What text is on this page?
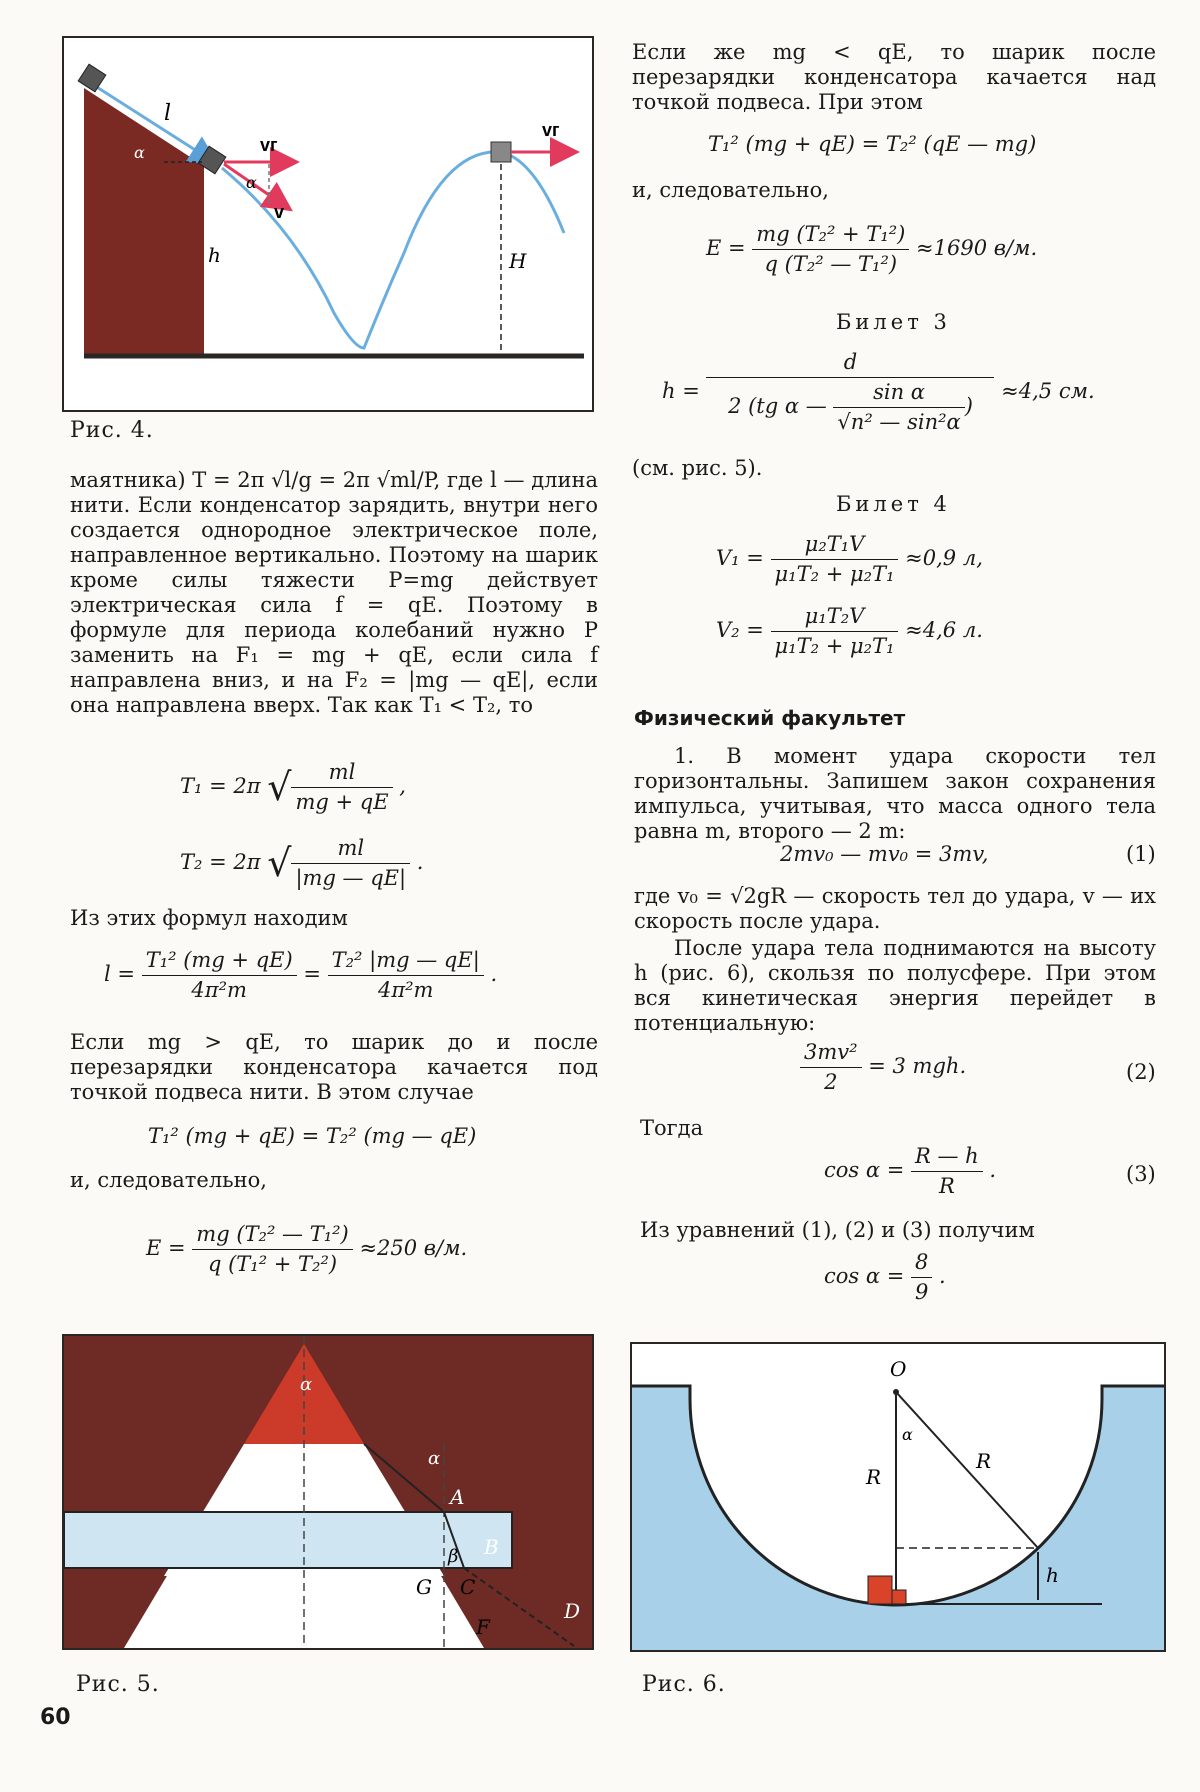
l
α	vг
α
v
h	H
vг
Рис. 4.

маятника) T = 2π √l/g = 2π √ml/P, где l — длина нити. Если конденсатор зарядить, внутри него создается однородное электрическое поле, направленное вертикально. Поэтому на шарик кроме силы тяжести P=mg действует электрическая сила f = qE. Поэтому в формуле для периода колебаний нужно P заменить на F₁ = mg + qE, если сила f направлена вниз, и на F₂ = |mg — qE|, если она направлена вверх. Так как T₁ < T₂, то

T₁ = 2π √ $\frac{ml}{mg + qE}$ ,
T₂ = 2π √ $\frac{ml}{|mg — qE|}$ .
Из этих формул находим
$l = \frac{\text{T₁² (mg + qE)}}{\text{4π²m}} = \frac{\text{T₂² |mg — qE|}}{\text{4π²m}}$ .

Если mg > qE, то шарик до и после перезарядки конденсатора качается под точкой подвеса нити. В этом случае

T₁² (mg + qE) = T₂² (mg — qE)
и, следовательно,
$E = \frac{\text{mg (T₂² — T₁²)}}{\text{q (T₁² + T₂²)}} \approx 250$ в/м.
α
α
A
B
β
G C
F
D
Рис. 5.

Если же mg < qE, то шарик после перезарядки конденсатора качается над точкой подвеса. При этом

T₁² (mg + qE) = T₂² (qE — mg)
и, следовательно,
$E = \frac{\text{mg (T₂² + T₁²)}}{\text{q (T₂² — T₁²)}} \approx 1690$ в/м.
Билет 3
$h = \frac{d}{2 (tg \alpha — \frac{\text{sin α}}{\text{√n² — sin²α}} )} \approx 4,5$ см.
(см. рис. 5).
Билет 4
$V_1 = \frac{\text{μ₂T₁V}}{\text{μ₁T₂ + μ₂T₁}} \approx 0,9$ л,
$V_2 = \frac{\text{μ₁T₂V}}{\text{μ₁T₂ + μ₂T₁}} \approx 4,6$ л.
Физический факультет

1. В момент удара скорости тел горизонтальны. Запишем закон сохранения импульса, учитывая, что масса одного тела равна m, второго — 2 m:

2mv₀ — mv₀ = 3mv,	(1)

где v₀ = √2gR — скорость тел до удара, v — их скорость после удара.

После удара тела поднимаются на высоту h (рис. 6), скользя по полусфере. При этом вся кинетическая энергия перейдет в потенциальную:

$\frac{\text{3mv²}}{2} = 3$ mgh.	(2)
Тогда
$\cos \alpha = \frac{R — h}{R}$ .	(3)
Из уравнений (1), (2) и (3) получим
$\cos \alpha = \frac{8}{9}$ .
O
α
R
R
h
Рис. 6.
60
